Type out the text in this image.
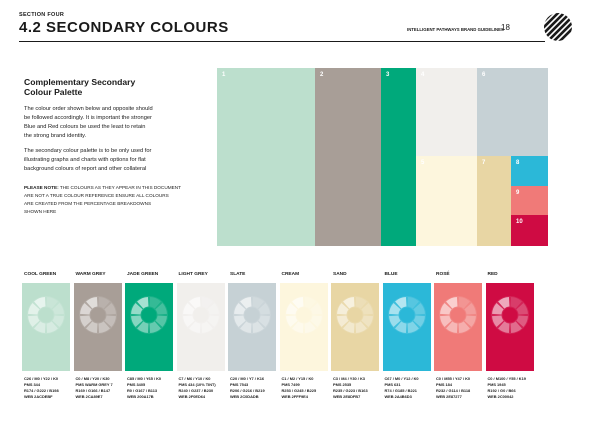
SECTION FOUR
4.2 SECONDARY COLOURS	INTELLIGENT PATHWAYS BRAND GUIDELINES
18
Complementary Secondary
Colour Palette

The colour order shown below and opposite should
be followed accordingly. It is important the stronger
Blue and Red colours be used the least to retain
the strong brand identity.

The secondary colour palette is to be only used for
illustrating graphs and charts with options for flat
background colours of report and other collateral

PLEASE NOTE: THE COLOURS AS THEY APPEAR IN THIS DOCUMENT
ARE NOT A TRUE COLOUR REFERENCE ENSURE ALL COLOURS
ARE CREATED FROM THE PERCENTAGE BREAKDOWNS
SHOWN HERE

1	2	3	4
5
6
7	8
9
10
COOL GREEN
C26 / M0 / Y22 / K0
PMS 344
R174 / G222 / B198
WEB 2ACDEBF
WARM GREY
C0 / M8 / Y20 / K30
PMS WARM GREY 7
R169 / G166 / B147
WEB 2CA89E7
JADE GREEN
C85 / M0 / Y65 / K0
PMS 3405
R0 / G167 / B113
WEB 200A17B
LIGHT GREY
C7 / M6 / Y10 / K0
PMS 434 (10% TINT)
R240 / G237 / B230
WEB 2F0ED64
SLATE
C20 / M0 / Y7 / K16
PMS 7543
R206 / G216 / B219
WEB 2C0DADB
CREAM
C1 / M2 / Y15 / K0
PMS 7499
R253 / G245 / B225
WEB 2FFF9E4
SAND
C3 / M4 / Y30 / K3
PMS 2535
R235 / G223 / B163
WEB 2E8DFB7
BLUE
C67 / M0 / Y12 / K0
PMS 631
R74 / G185 / B221
WEB 2A4B6D3
ROSÉ
C0 / M55 / Y47 / K0
PMS 184
R232 / G114 / B118
WEB 2E87277
RED
C0 / M100 / Y55 / K19
PMS 1945
R192 / G0 / B66
WEB 2C00042
